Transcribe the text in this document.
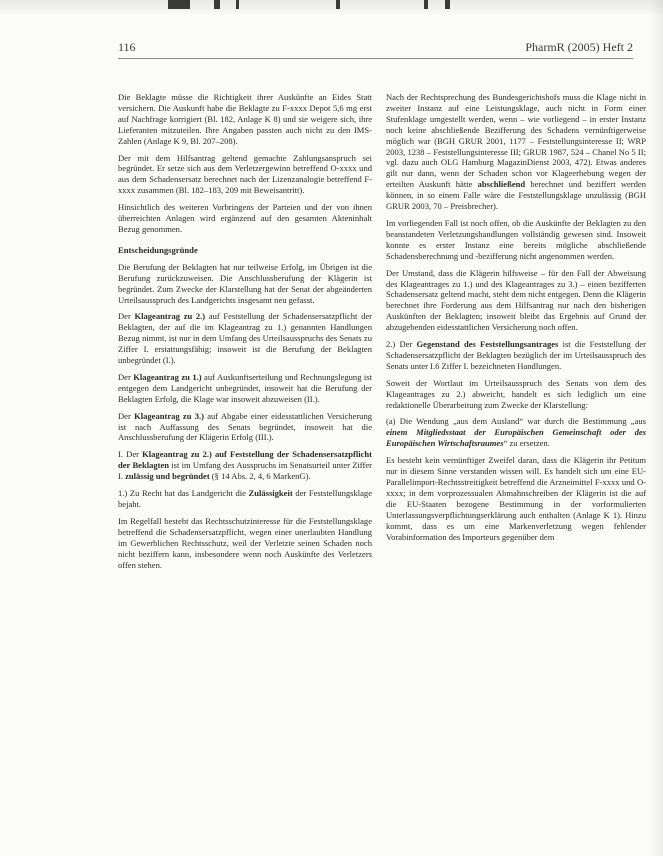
116	PharmR (2005) Heft 2

Die Beklagte müsse die Richtigkeit ihrer Auskünfte an Eides Statt versichern. Die Auskunft habe die Beklagte zu F-xxxx Depot 5,6 mg erst auf Nachfrage korrigiert (Bl. 182, Anlage K 8) und sie weigere sich, ihre Lieferanten mitzuteilen. Ihre Angaben passten auch nicht zu den IMS-Zahlen (Anlage K 9, Bl. 207–208).

Der mit dem Hilfsantrag geltend gemachte Zahlungsanspruch sei begründet. Er setze sich aus dem Verletzergewinn betreffend O-xxxx und aus dem Schadensersatz berechnet nach der Lizenzanalogie betreffend F-xxxx zusammen (Bl. 182–183, 209 mit Beweisantritt).

Hinsichtlich des weiteren Vorbringens der Parteien und der von ihnen überreichten Anlagen wird ergänzend auf den gesamten Akteninhalt Bezug genommen.

Entscheidungsgründe

Die Berufung der Beklagten hat nur teilweise Erfolg, im Übrigen ist die Berufung zurückzuweisen. Die Anschlussberufung der Klägerin ist begründet. Zum Zwecke der Klarstellung hat der Senat der abgeänderten Urteilsausspruch des Landgerichts insgesamt neu gefasst.

Der Klageantrag zu 2.) auf Feststellung der Schadensersatzpflicht der Beklagten, der auf die im Klageantrag zu 1.) genannten Handlungen Bezug nimmt, ist nur in dem Umfang des Urteilsausspruchs des Senats zu Ziffer I. erstattungsfähig; insoweit ist die Berufung der Beklagten unbegründet (I.).

Der Klageantrag zu 1.) auf Auskunftserteilung und Rechnungslegung ist entgegen dem Landgericht unbegründet, insoweit hat die Berufung der Beklagten Erfolg, die Klage war insoweit abzuweisen (II.).

Der Klageantrag zu 3.) auf Abgabe einer eidesstattlichen Versicherung ist nach Auffassung des Senats begründet, insoweit hat die Anschlussberufung der Klägerin Erfolg (III.).

I. Der Klageantrag zu 2.) auf Feststellung der Schadensersatzpflicht der Beklagten ist im Umfang des Ausspruchs im Senatsurteil unter Ziffer I. zulässig und begründet (§ 14 Abs. 2, 4, 6 MarkenG).

1.) Zu Recht hat das Landgericht die Zulässigkeit der Feststellungsklage bejaht.

Im Regelfall besteht das Rechtsschutzinteresse für die Feststellungsklage betreffend die Schadensersatzpflicht, wegen einer unerlaubten Handlung im Gewerblichen Rechtsschutz, weil der Verletzte seinen Schaden noch nicht beziffern kann, insbesondere wenn noch Auskünfte des Verletzers offen stehen.

Nach der Rechtsprechung des Bundesgerichtshofs muss die Klage nicht in zweiter Instanz auf eine Leistungsklage, auch nicht in Form einer Stufenklage umgestellt werden, wenn – wie vorliegend – in erster Instanz noch keine abschließende Bezifferung des Schadens vernünftigerweise möglich war (BGH GRUR 2001, 1177 – Feststellungsinteresse II; WRP 2003, 1238 – Feststellungsinteresse III; GRUR 1987, 524 – Chanel No 5 II; vgl. dazu auch OLG Hamburg MagazinDienst 2003, 472). Etwas anderes gilt nur dann, wenn der Schaden schon vor Klageerhebung wegen der erteilten Auskunft hätte abschließend berechnet und beziffert werden können, in so einem Falle wäre die Feststellungsklage unzulässig (BGH GRUR 2003, 70 – Preisbrecher).

Im vorliegenden Fall ist noch offen, ob die Auskünfte der Beklagten zu den beanstandeten Verletzungshandlungen vollständig gewesen sind. Insoweit konnte es erster Instanz eine bereits mögliche abschließende Schadensberechnung und -bezifferung nicht angenommen werden.

Der Umstand, dass die Klägerin hilfsweise – für den Fall der Abweisung des Klageantrages zu 1.) und des Klageantrages zu 3.) – einen bezifferten Schadensersatz geltend macht, steht dem nicht entgegen. Denn die Klägerin berechnet ihre Forderung aus dem Hilfsantrag nur nach den bisherigen Auskünften der Beklagten; insoweit bleibt das Ergebnis auf Grund der abzugebenden eidesstattlichen Versicherung noch offen.

2.) Der Gegenstand des Feststellungsantrages ist die Feststellung der Schadensersatzpflicht der Beklagten bezüglich der im Urteilsausspruch des Senats unter I.6 Ziffer I. bezeichneten Handlungen.

Soweit der Wortlaut im Urteilsausspruch des Senats von dem des Klageantrages zu 2.) abweicht, handelt es sich lediglich um eine redaktionelle Überarbeitung zum Zwecke der Klarstellung:

(a) Die Wendung „aus dem Ausland“ war durch die Bestimmung „aus einem Mitgliedsstaat der Europäischen Gemeinschaft oder des Europäischen Wirtschaftsraumes“ zu ersetzen.

Es besteht kein vernünftiger Zweifel daran, dass die Klägerin ihr Petitum nur in diesem Sinne verstanden wissen will. Es handelt sich um eine EU-Parallelimport-Rechtsstreitigkeit betreffend die Arzneimittel F-xxxx und O-xxxx; in dem vorprozessualen Abmahnschreiben der Klägerin ist die auf die EU-Staaten bezogene Bestimmung in der vorformulierten Unterlassungsverpflichtungserklärung auch enthalten (Anlage K 1). Hinzu kommt, dass es um eine Markenverletzung wegen fehlender Vorabinformation des Importeurs gegenüber dem
